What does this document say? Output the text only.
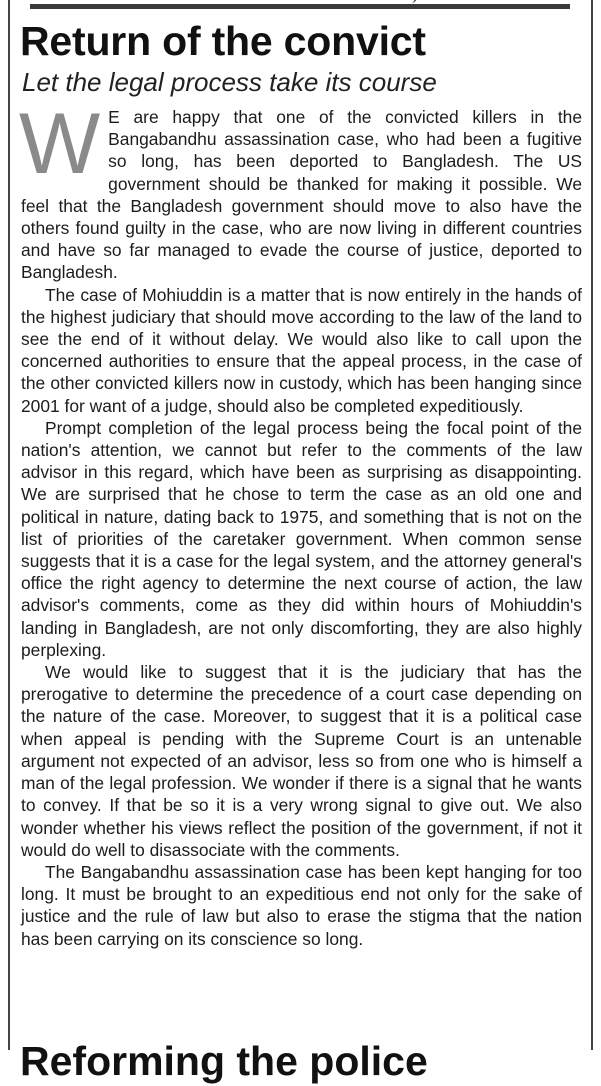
Return of the convict
Let the legal process take its course

W E are happy that one of the convicted killers in the Bangabandhu assassination case, who had been a fugitive so long, has been deported to Bangladesh. The US government should be thanked for making it possible. We feel that the Bangladesh government should move to also have the others found guilty in the case, who are now living in different countries and have so far managed to evade the course of justice, deported to Bangladesh.

The case of Mohiuddin is a matter that is now entirely in the hands of the highest judiciary that should move according to the law of the land to see the end of it without delay. We would also like to call upon the concerned authorities to ensure that the appeal process, in the case of the other convicted killers now in custody, which has been hanging since 2001 for want of a judge, should also be completed expeditiously.

Prompt completion of the legal process being the focal point of the nation's attention, we cannot but refer to the comments of the law advisor in this regard, which have been as surprising as disappointing. We are surprised that he chose to term the case as an old one and political in nature, dating back to 1975, and something that is not on the list of priorities of the caretaker government. When common sense suggests that it is a case for the legal system, and the attorney general's office the right agency to determine the next course of action, the law advisor's comments, come as they did within hours of Mohiuddin's landing in Bangladesh, are not only discomforting, they are also highly perplexing.

We would like to suggest that it is the judiciary that has the prerogative to determine the precedence of a court case depending on the nature of the case. Moreover, to suggest that it is a political case when appeal is pending with the Supreme Court is an untenable argument not expected of an advisor, less so from one who is himself a man of the legal profession. We wonder if there is a signal that he wants to convey. If that be so it is a very wrong signal to give out. We also wonder whether his views reflect the position of the government, if not it would do well to disassociate with the comments.

The Bangabandhu assassination case has been kept hanging for too long. It must be brought to an expeditious end not only for the sake of justice and the rule of law but also to erase the stigma that the nation has been carrying on its conscience so long.

Reforming the police
